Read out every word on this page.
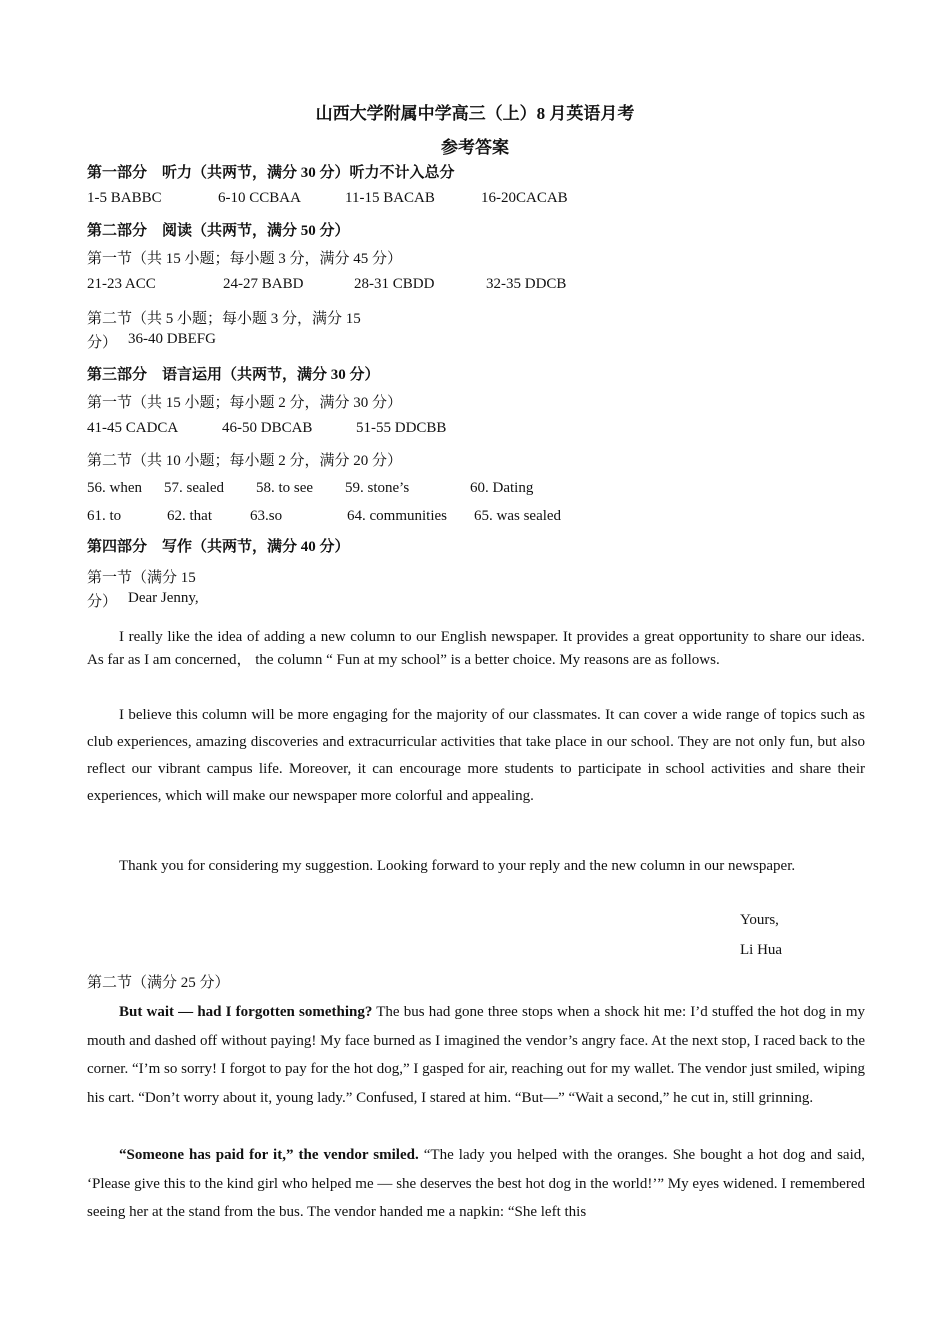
山西大学附属中学高三（上）8 月英语月考
参考答案
第一部分　听力（共两节，满分 30 分）听力不计入总分
1-5 BABBC	6-10 CCBAA	11-15 BACAB	16-20CACAB
第二部分　阅读（共两节，满分 50 分）
第一节（共 15 小题；每小题 3 分，满分 45 分）
21-23 ACC	24-27 BABD	28-31 CBDD	32-35 DDCB
第二节（共 5 小题；每小题 3 分，满分 15
分） 36-40 DBEFG
第三部分　语言运用（共两节，满分 30 分）
第一节（共 15 小题；每小题 2 分，满分 30 分）
41-45 CADCA	46-50 DBCAB	51-55 DDCBB
第二节（共 10 小题；每小题 2 分，满分 20 分）
56. when 57. sealed 58. to see 59. stone’s	60. Dating
61. to	62. that	63.so	64. communities 65. was sealed
第四部分　写作（共两节，满分 40 分）
第一节（满分 15
分） Dear Jenny,
I really like the idea of adding a new column to our English newspaper. It provides a great opportunity to share our ideas. As far as I am concerned， the column “ Fun at my school” is a better choice. My reasons are as follows.
I believe this column will be more engaging for the majority of our classmates. It can cover a wide range of topics such as club experiences, amazing discoveries and extracurricular activities that take place in our school. They are not only fun, but also reflect our vibrant campus life. Moreover, it can encourage more students to participate in school activities and share their experiences, which will make our newspaper more colorful and appealing.
Thank you for considering my suggestion. Looking forward to your reply and the new column in our newspaper.
Yours,
Li Hua
第二节（满分 25 分）
But wait — had I forgotten something? The bus had gone three stops when a shock hit me: I’d stuffed the hot dog in my mouth and dashed off without paying! My face burned as I imagined the vendor’s angry face. At the next stop, I raced back to the corner. “I’m so sorry! I forgot to pay for the hot dog,” I gasped for air, reaching out for my wallet. The vendor just smiled, wiping his cart. “Don’t worry about it, young lady.” Confused, I stared at him. “But—” “Wait a second,” he cut in, still grinning.
“Someone has paid for it,” the vendor smiled. “The lady you helped with the oranges. She bought a hot dog and said, ‘Please give this to the kind girl who helped me — she deserves the best hot dog in the world!’” My eyes widened. I remembered seeing her at the stand from the bus. The vendor handed me a napkin: “She left this
